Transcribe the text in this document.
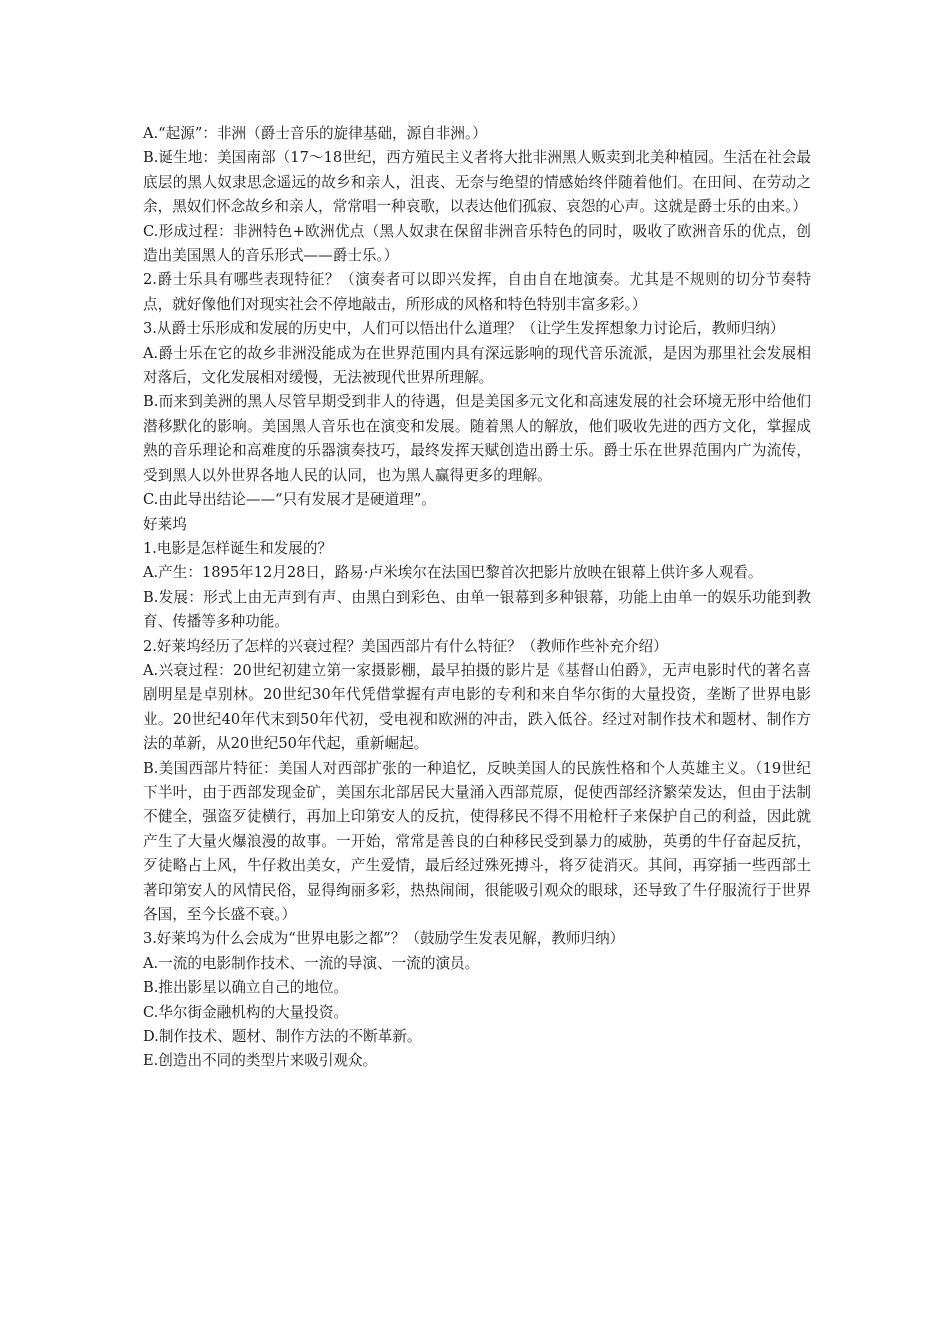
A.“起源”：非洲（爵士音乐的旋律基础，源自非洲。）

B.诞生地：美国南部（17～18世纪，西方殖民主义者将大批非洲黑人贩卖到北美种植园。生活在社会最底层的黑人奴隶思念遥远的故乡和亲人，沮丧、无奈与绝望的情感始终伴随着他们。在田间、在劳动之余，黑奴们怀念故乡和亲人，常常唱一种哀歌，以表达他们孤寂、哀怨的心声。这就是爵士乐的由来。）

C.形成过程：非洲特色+欧洲优点（黑人奴隶在保留非洲音乐特色的同时，吸收了欧洲音乐的优点，创造出美国黑人的音乐形式——爵士乐。）

2.爵士乐具有哪些表现特征？（演奏者可以即兴发挥，自由自在地演奏。尤其是不规则的切分节奏特点，就好像他们对现实社会不停地敲击，所形成的风格和特色特别丰富多彩。）

3.从爵士乐形成和发展的历史中，人们可以悟出什么道理？（让学生发挥想象力讨论后，教师归纳）

A.爵士乐在它的故乡非洲没能成为在世界范围内具有深远影响的现代音乐流派，是因为那里社会发展相对落后，文化发展相对缓慢，无法被现代世界所理解。

B.而来到美洲的黑人尽管早期受到非人的待遇，但是美国多元文化和高速发展的社会环境无形中给他们潜移默化的影响。美国黑人音乐也在演变和发展。随着黑人的解放，他们吸收先进的西方文化，掌握成熟的音乐理论和高难度的乐器演奏技巧，最终发挥天赋创造出爵士乐。爵士乐在世界范围内广为流传，受到黑人以外世界各地人民的认同，也为黑人赢得更多的理解。

C.由此导出结论——“只有发展才是硬道理”。

好莱坞

1.电影是怎样诞生和发展的？

A.产生：1895年12月28日，路易·卢米埃尔在法国巴黎首次把影片放映在银幕上供许多人观看。

B.发展：形式上由无声到有声、由黑白到彩色、由单一银幕到多种银幕，功能上由单一的娱乐功能到教育、传播等多种功能。

2.好莱坞经历了怎样的兴衰过程？美国西部片有什么特征？（教师作些补充介绍）

A.兴衰过程：20世纪初建立第一家摄影棚，最早拍摄的影片是《基督山伯爵》，无声电影时代的著名喜剧明星是卓别林。20世纪30年代凭借掌握有声电影的专利和来自华尔街的大量投资，垄断了世界电影业。20世纪40年代末到50年代初，受电视和欧洲的冲击，跌入低谷。经过对制作技术和题材、制作方法的革新，从20世纪50年代起，重新崛起。

B.美国西部片特征：美国人对西部扩张的一种追忆，反映美国人的民族性格和个人英雄主义。（19世纪下半叶，由于西部发现金矿，美国东北部居民大量涌入西部荒原，促使西部经济繁荣发达，但由于法制不健全，强盗歹徒横行，再加上印第安人的反抗，使得移民不得不用枪杆子来保护自己的利益，因此就产生了大量火爆浪漫的故事。一开始，常常是善良的白种移民受到暴力的威胁，英勇的牛仔奋起反抗，歹徒略占上风，牛仔救出美女，产生爱情，最后经过殊死搏斗，将歹徒消灭。其间，再穿插一些西部土著印第安人的风情民俗，显得绚丽多彩，热热闹闹，很能吸引观众的眼球，还导致了牛仔服流行于世界各国，至今长盛不衰。）

3.好莱坞为什么会成为“世界电影之都”？（鼓励学生发表见解，教师归纳）

A.一流的电影制作技术、一流的导演、一流的演员。

B.推出影星以确立自己的地位。

C.华尔街金融机构的大量投资。

D.制作技术、题材、制作方法的不断革新。

E.创造出不同的类型片来吸引观众。
